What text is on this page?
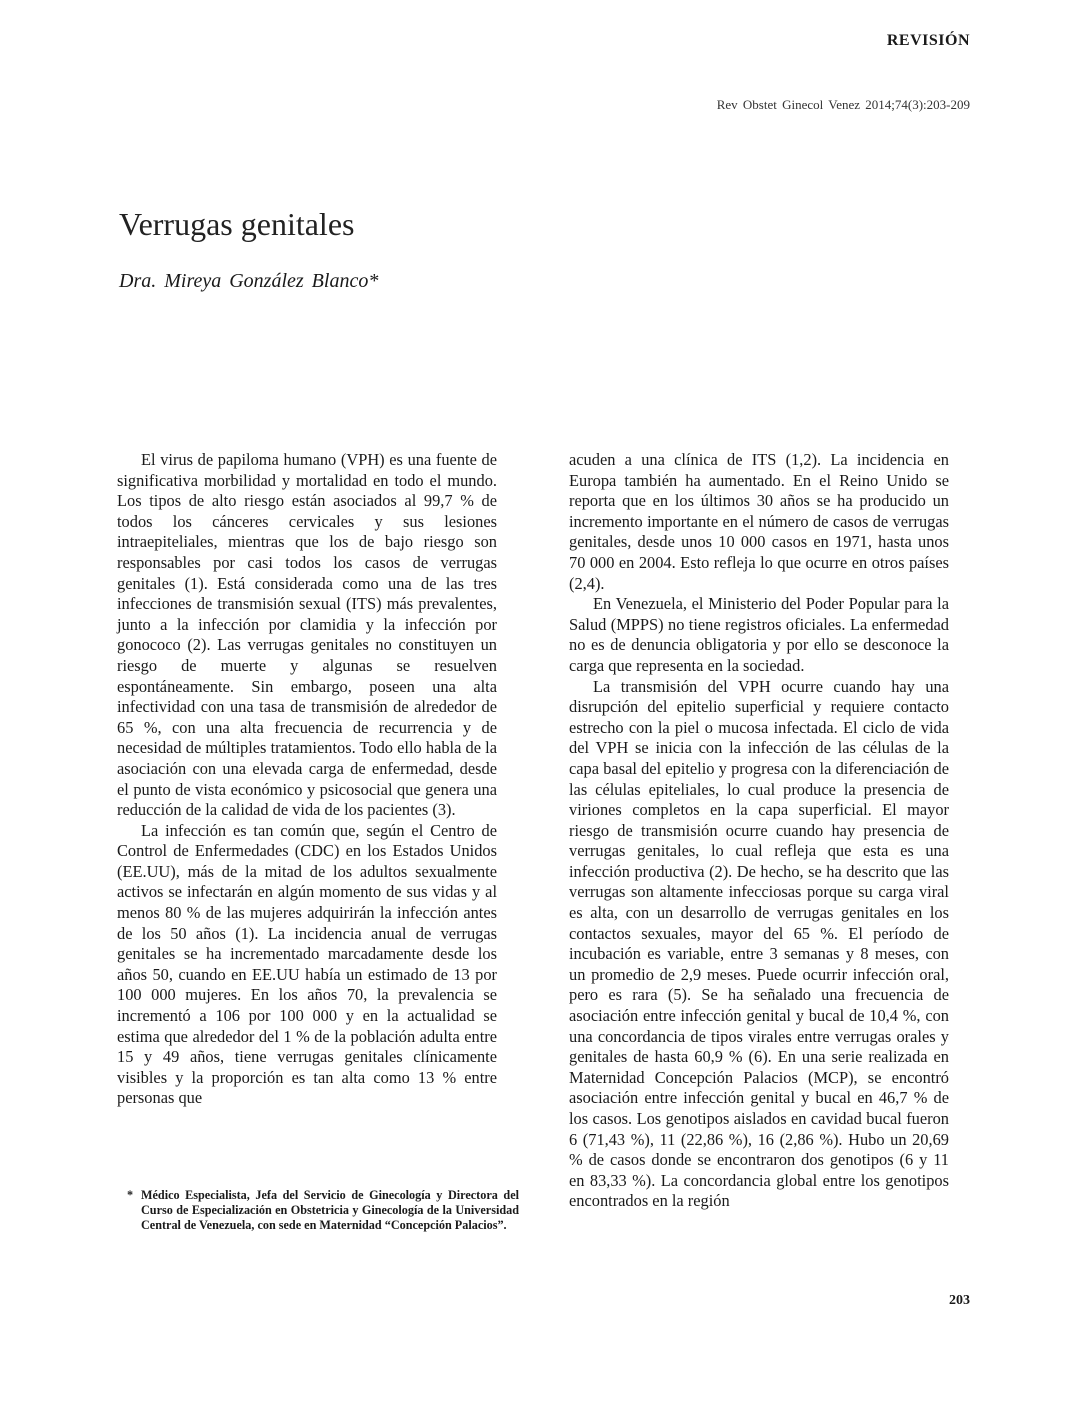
REVISIÓN
Rev Obstet Ginecol Venez 2014;74(3):203-209
Verrugas genitales
Dra. Mireya González Blanco*

El virus de papiloma humano (VPH) es una fuente de significativa morbilidad y mortalidad en todo el mundo. Los tipos de alto riesgo están asociados al 99,7 % de todos los cánceres cervicales y sus lesiones intraepiteliales, mientras que los de bajo riesgo son responsables por casi todos los casos de verrugas genitales (1). Está considerada como una de las tres infecciones de transmisión sexual (ITS) más prevalentes, junto a la infección por clamidia y la infección por gonococo (2). Las verrugas genitales no constituyen un riesgo de muerte y algunas se resuelven espontáneamente. Sin embargo, poseen una alta infectividad con una tasa de transmisión de alrededor de 65 %, con una alta frecuencia de recurrencia y de necesidad de múltiples tratamientos. Todo ello habla de la asociación con una elevada carga de enfermedad, desde el punto de vista económico y psicosocial que genera una reducción de la calidad de vida de los pacientes (3).

La infección es tan común que, según el Centro de Control de Enfermedades (CDC) en los Estados Unidos (EE.UU), más de la mitad de los adultos sexualmente activos se infectarán en algún momento de sus vidas y al menos 80 % de las mujeres adquirirán la infección antes de los 50 años (1). La incidencia anual de verrugas genitales se ha incrementado marcadamente desde los años 50, cuando en EE.UU había un estimado de 13 por 100 000 mujeres. En los años 70, la prevalencia se incrementó a 106 por 100 000 y en la actualidad se estima que alrededor del 1 % de la población adulta entre 15 y 49 años, tiene verrugas genitales clínicamente visibles y la proporción es tan alta como 13 % entre personas que

acuden a una clínica de ITS (1,2). La incidencia en Europa también ha aumentado. En el Reino Unido se reporta que en los últimos 30 años se ha producido un incremento importante en el número de casos de verrugas genitales, desde unos 10 000 casos en 1971, hasta unos 70 000 en 2004. Esto refleja lo que ocurre en otros países (2,4).

En Venezuela, el Ministerio del Poder Popular para la Salud (MPPS) no tiene registros oficiales. La enfermedad no es de denuncia obligatoria y por ello se desconoce la carga que representa en la sociedad.

La transmisión del VPH ocurre cuando hay una disrupción del epitelio superficial y requiere contacto estrecho con la piel o mucosa infectada. El ciclo de vida del VPH se inicia con la infección de las células de la capa basal del epitelio y progresa con la diferenciación de las células epiteliales, lo cual produce la presencia de viriones completos en la capa superficial. El mayor riesgo de transmisión ocurre cuando hay presencia de verrugas genitales, lo cual refleja que esta es una infección productiva (2). De hecho, se ha descrito que las verrugas son altamente infecciosas porque su carga viral es alta, con un desarrollo de verrugas genitales en los contactos sexuales, mayor del 65 %. El período de incubación es variable, entre 3 semanas y 8 meses, con un promedio de 2,9 meses. Puede ocurrir infección oral, pero es rara (5). Se ha señalado una frecuencia de asociación entre infección genital y bucal de 10,4 %, con una concordancia de tipos virales entre verrugas orales y genitales de hasta 60,9 % (6). En una serie realizada en Maternidad Concepción Palacios (MCP), se encontró asociación entre infección genital y bucal en 46,7 % de los casos. Los genotipos aislados en cavidad bucal fueron 6 (71,43 %), 11 (22,86 %), 16 (2,86 %). Hubo un 20,69 % de casos donde se encontraron dos genotipos (6 y 11 en 83,33 %). La concordancia global entre los genotipos encontrados en la región

* Médico Especialista, Jefa del Servicio de Ginecología y Directora del Curso de Especialización en Obstetricia y Ginecología de la Universidad Central de Venezuela, con sede en Maternidad “Concepción Palacios”.
203
